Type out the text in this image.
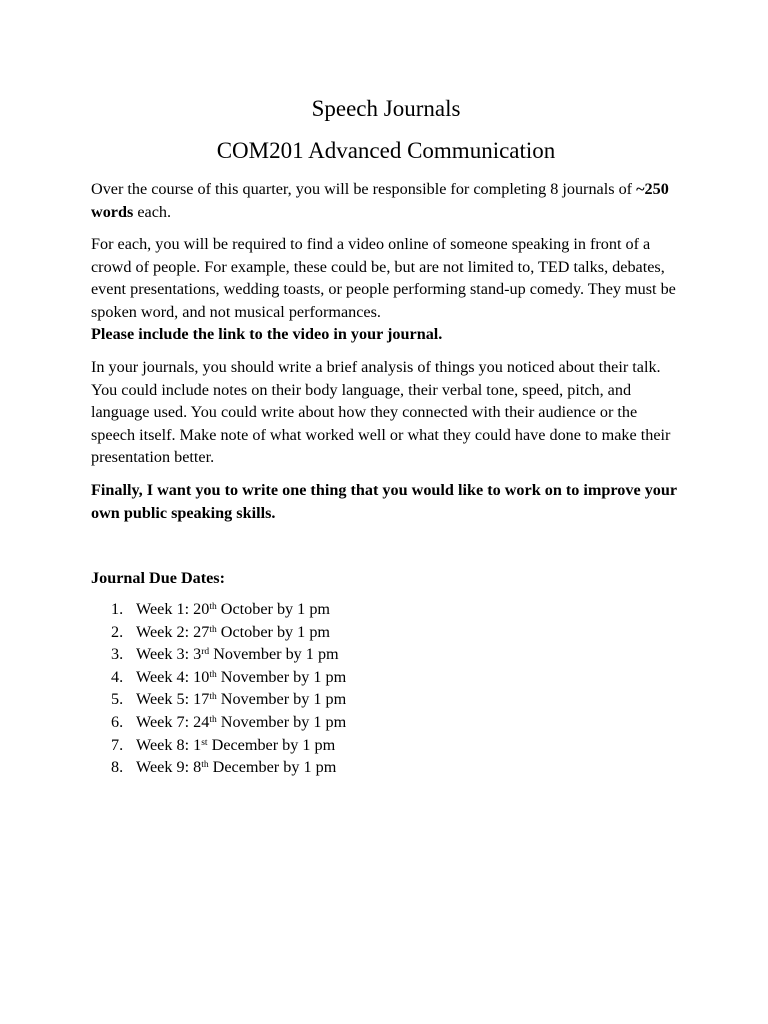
Speech Journals
COM201 Advanced Communication

Over the course of this quarter, you will be responsible for completing 8 journals of ~250 words each.

For each, you will be required to find a video online of someone speaking in front of a crowd of people. For example, these could be, but are not limited to, TED talks, debates, event presentations, wedding toasts, or people performing stand-up comedy. They must be spoken word, and not musical performances.
Please include the link to the video in your journal.

In your journals, you should write a brief analysis of things you noticed about their talk. You could include notes on their body language, their verbal tone, speed, pitch, and language used. You could write about how they connected with their audience or the speech itself. Make note of what worked well or what they could have done to make their presentation better.

Finally, I want you to write one thing that you would like to work on to improve your own public speaking skills.

Journal Due Dates:

1. Week 1: 20th October by 1 pm
2. Week 2: 27th October by 1 pm
3. Week 3: 3rd November by 1 pm
4. Week 4: 10th November by 1 pm
5. Week 5: 17th November by 1 pm
6. Week 7: 24th November by 1 pm
7. Week 8: 1st December by 1 pm
8. Week 9: 8th December by 1 pm
